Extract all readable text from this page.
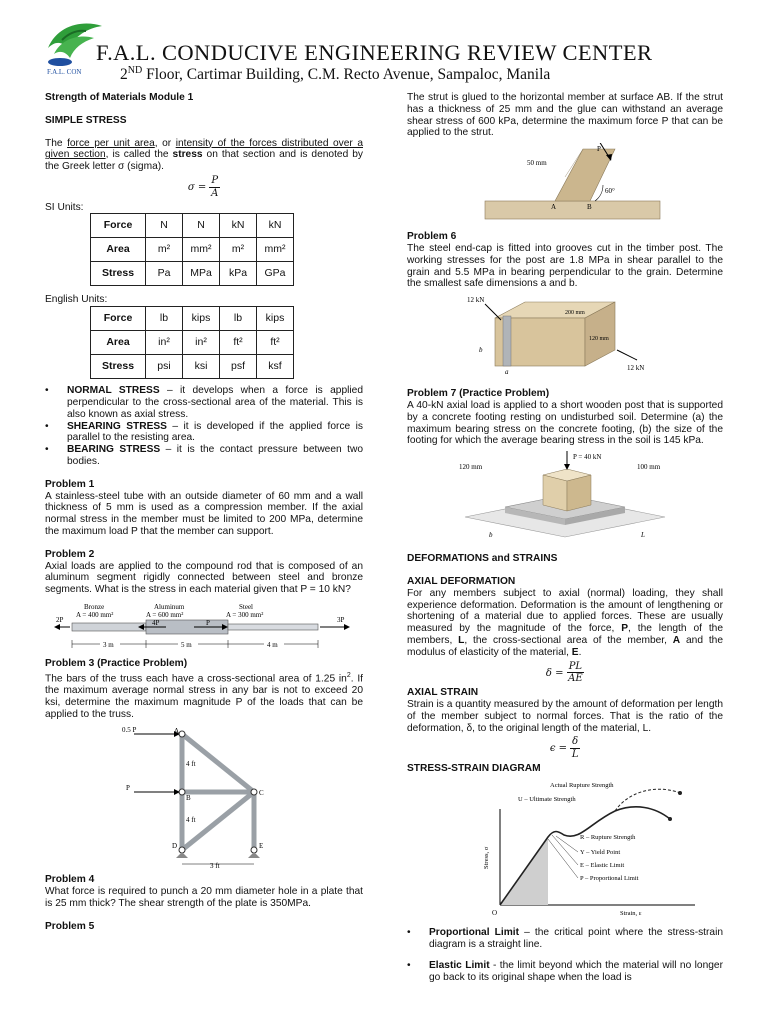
F.A.L. CON
F.A.L. CONDUCIVE ENGINEERING REVIEW CENTER
2ND Floor, Cartimar Building, C.M. Recto Avenue, Sampaloc, Manila
Strength of Materials Module 1
SIMPLE STRESS

The force per unit area, or intensity of the forces distributed over a given section, is called the stress on that section and is denoted by the Greek letter σ (sigma).

$\sigma = \frac{P}{A}$
SI Units:
Force	N	N	kN	kN
Area	m²	mm²	m²	mm²
Stress	Pa	MPa	kPa	GPa
English Units:
Force	lb	kips	lb	kips
Area	in²	in²	ft²	ft²
Stress	psi	ksi	psf	ksf
• NORMAL STRESS – it develops when a force is applied perpendicular to the cross-sectional area of the material. This is also known as axial stress.
• SHEARING STRESS – it is developed if the applied force is parallel to the resisting area.
• BEARING STRESS – it is the contact pressure between two bodies.
Problem 1

A stainless-steel tube with an outside diameter of 60 mm and a wall thickness of 5 mm is used as a compression member. If the axial normal stress in the member must be limited to 200 MPa, determine the maximum load P that the member can support.

Problem 2

Axial loads are applied to the compound rod that is composed of an aluminum segment rigidly connected between steel and bronze segments. What is the stress in each material given that P = 10 kN?

Bronze
A = 400 mm²
Aluminum
A = 600 mm²
Steel
A = 300 mm²
2P	4P	P	3P
3 m	5 m	4 m
Problem 3 (Practice Problem)

The bars of the truss each have a cross-sectional area of 1.25 $in^2$. If the maximum average normal stress in any bar is not to exceed 20 ksi, determine the maximum magnitude P of the loads that can be applied to the truss.

0.5 P
P
4 ft
4 ft
3 ft
A
B
C
D	E
Problem 4

What force is required to punch a 20 mm diameter hole in a plate that is 25 mm thick? The shear strength of the plate is 350MPa.

Problem 5

The strut is glued to the horizontal member at surface AB. If the strut has a thickness of 25 mm and the glue can withstand an average shear stress of 600 kPa, determine the maximum force P that can be applied to the strut.

P
50 mm
60°
A	B
Problem 6

The steel end-cap is fitted into grooves cut in the timber post. The working stresses for the post are 1.8 MPa in shear parallel to the grain and 5.5 MPa in bearing perpendicular to the grain. Determine the smallest safe dimensions a and b.

12 kN
12 kN
200 mm
120 mm
b
a
Problem 7 (Practice Problem)

A 40-kN axial load is applied to a short wooden post that is supported by a concrete footing resting on undisturbed soil. Determine (a) the maximum bearing stress on the concrete footing, (b) the size of the footing for which the average bearing stress in the soil is 145 kPa.

P = 40 kN
120 mm	100 mm
b	L
DEFORMATIONS and STRAINS
AXIAL DEFORMATION

For any members subject to axial (normal) loading, they shall experience deformation. Deformation is the amount of lengthening or shortening of a material due to applied forces. These are usually measured by the magnitude of the force, P, the length of the members, L, the cross-sectional area of the member, A and the modulus of elasticity of the material, E.

$\delta = \frac{PL}{AE}$
AXIAL STRAIN

Strain is a quantity measured by the amount of deformation per length of the member subject to normal forces. That is the ratio of the deformation, δ, to the original length of the material, L.

$\epsilon = \frac{\delta}{L}$
STRESS-STRAIN DIAGRAM
Actual Rupture Strength
U – Ultimate Strength
R – Rupture Strength
Y – Yield Point
E – Elastic Limit
P – Proportional Limit
Stress, σ
Strain, ε
O
• Proportional Limit – the critical point where the stress-strain diagram is a straight line.
• Elastic Limit - the limit beyond which the material will no longer go back to its original shape when the load is
